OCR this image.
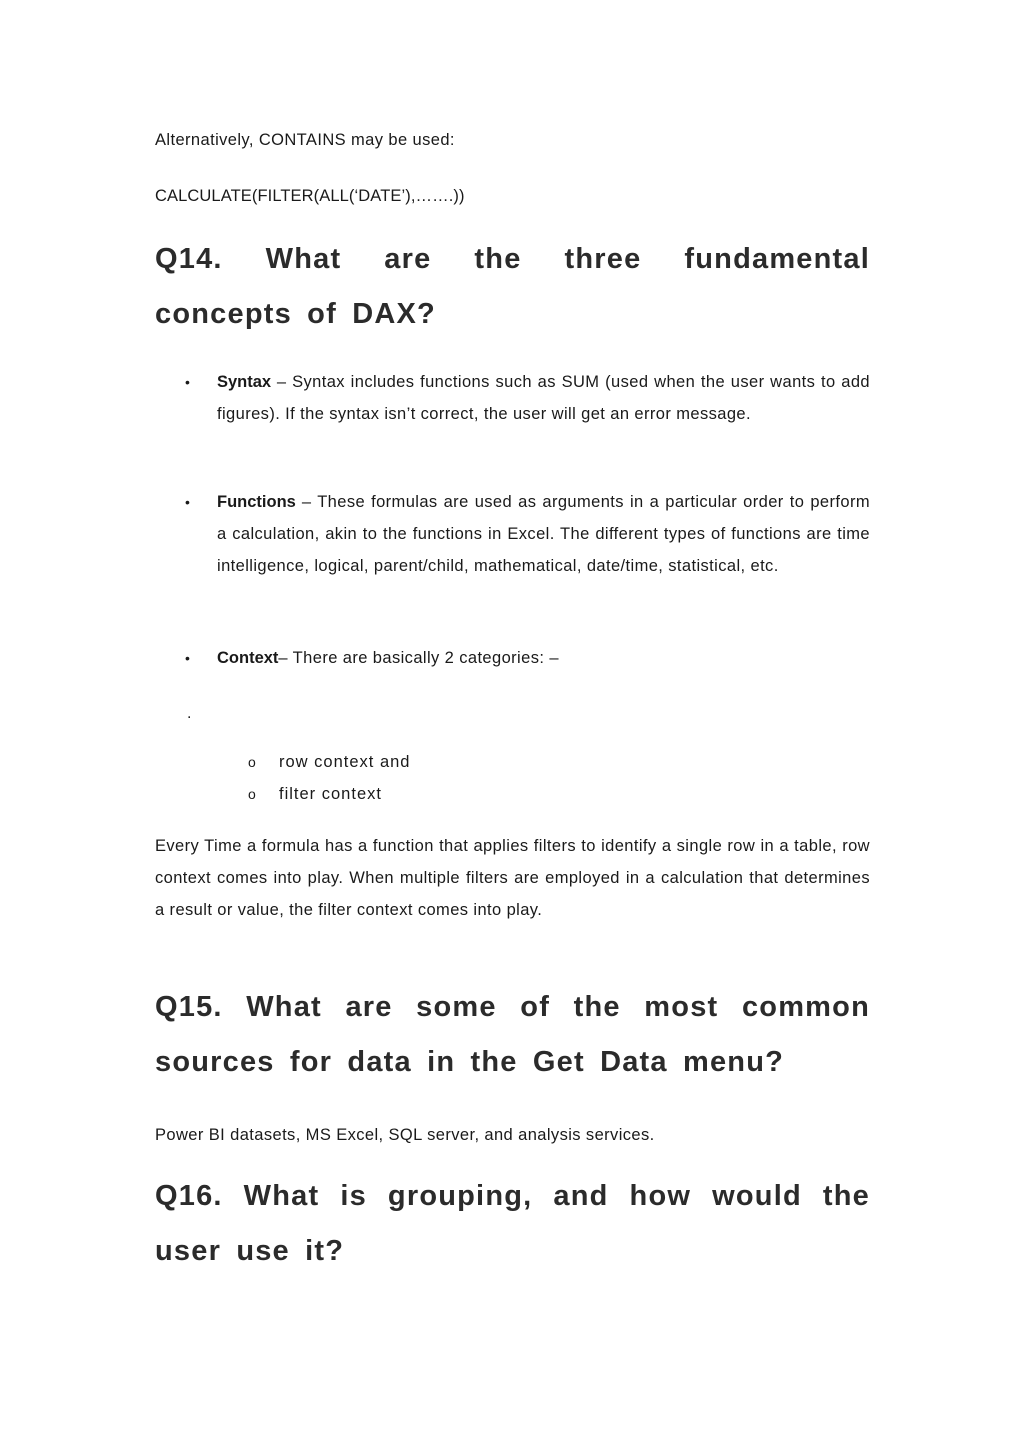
Alternatively, CONTAINS may be used:

CALCULATE(FILTER(ALL(‘DATE’),…….))

Q14. What are the three fundamental concepts of DAX?
• Syntax – Syntax includes functions such as SUM (used when the user wants to add figures). If the syntax isn’t correct, the user will get an error message.

• Functions – These formulas are used as arguments in a particular order to perform a calculation, akin to the functions in Excel. The different types of functions are time intelligence, logical, parent/child, mathematical, date/time, statistical, etc.

• Context– There are basically 2 categories: –

.
o row context and
o filter context

Every Time a formula has a function that applies filters to identify a single row in a table, row context comes into play. When multiple filters are employed in a calculation that determines a result or value, the filter context comes into play.

Q15. What are some of the most common sources for data in the Get Data menu?

Power BI datasets, MS Excel, SQL server, and analysis services.

Q16. What is grouping, and how would the user use it?
